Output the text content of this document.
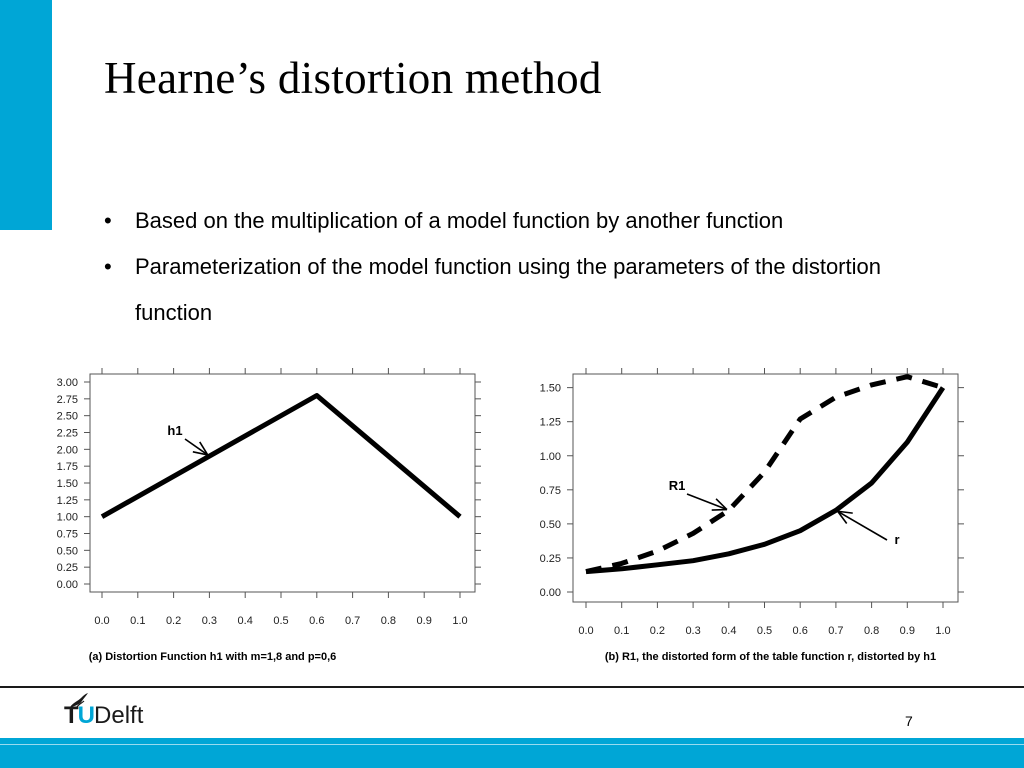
Hearne’s distortion method
• Based on the multiplication of a model function by another function
• Parameterization of the model function using the parameters of the distortion function
0.0 0.1 0.2 0.3 0.4 0.5 0.6 0.7 0.8 0.9 1.0
0.00
0.25
0.50
0.75
1.00
1.25
1.50
1.75
2.00
2.25
2.50
2.75
3.00
h1
(a) Distortion Function h1 with m=1,8 and p=0,6
0.0 0.1 0.2 0.3 0.4 0.5 0.6 0.7 0.8 0.9 1.0
0.00
0.25
0.50
0.75
1.00
1.25
1.50
R1
r
(b) R1, the distorted form of the table function r, distorted by h1
TUDelft	7
